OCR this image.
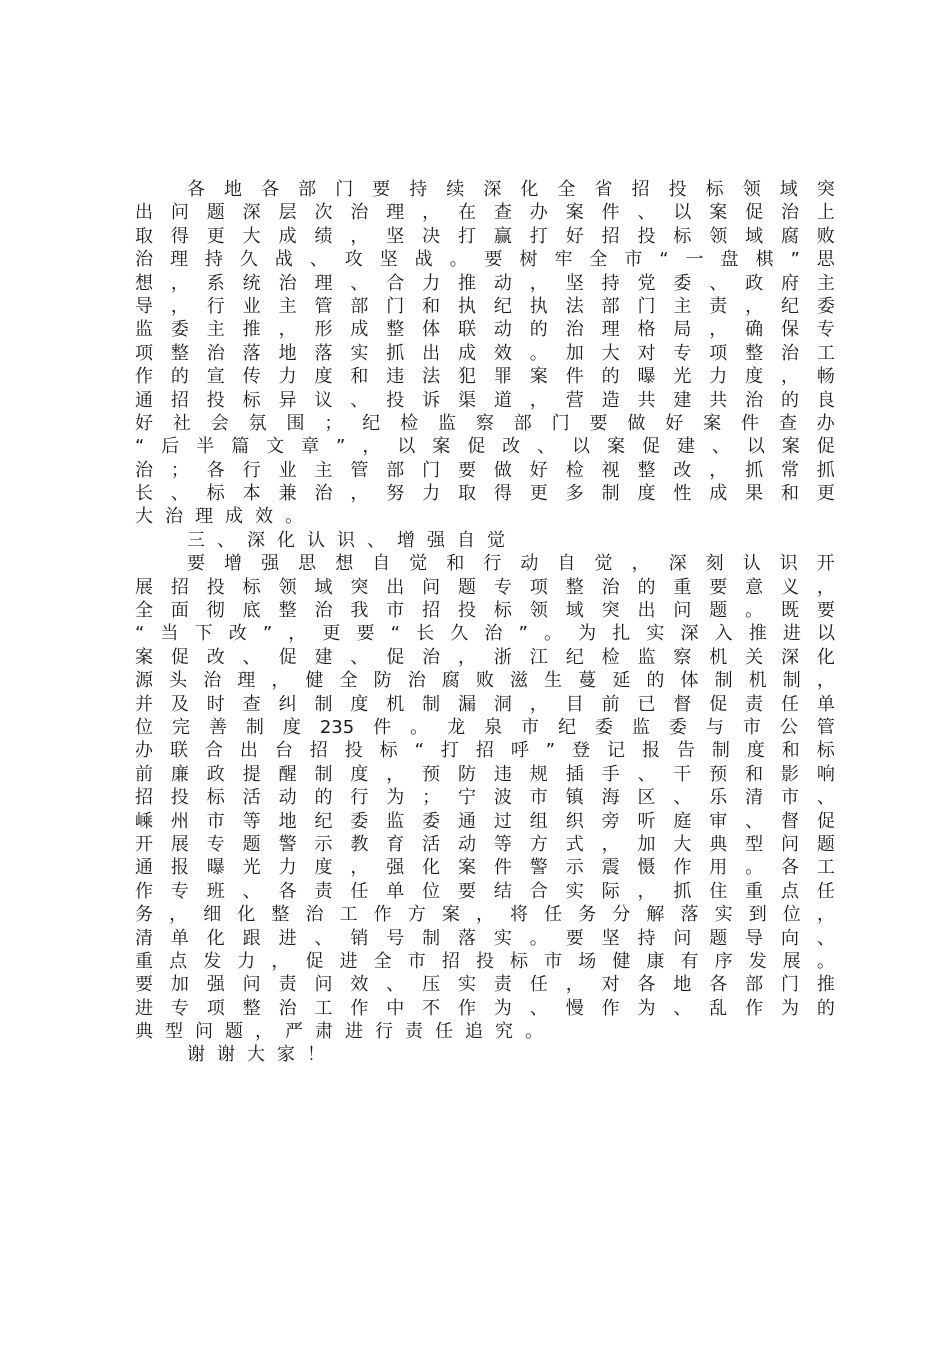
各 地 各 部 门 要 持 续 深 化 全 省 招 投 标 领 域 突
出 问 题 深 层 次 治 理 ， 在 查 办 案 件 、 以 案 促 治 上
取 得 更 大 成 绩 ， 坚 决 打 赢 打 好 招 投 标 领 域 腐 败
治 理 持 久 战 、 攻 坚 战 。 要 树 牢 全 市 “ 一 盘 棋 ” 思
想 ， 系 统 治 理 、 合 力 推 动 ， 坚 持 党 委 、 政 府 主
导 ， 行 业 主 管 部 门 和 执 纪 执 法 部 门 主 责 ， 纪 委
监 委 主 推 ， 形 成 整 体 联 动 的 治 理 格 局 ， 确 保 专
项 整 治 落 地 落 实 抓 出 成 效 。 加 大 对 专 项 整 治 工
作 的 宣 传 力 度 和 违 法 犯 罪 案 件 的 曝 光 力 度 ， 畅
通 招 投 标 异 议 、 投 诉 渠 道 ， 营 造 共 建 共 治 的 良
好 社 会 氛 围 ； 纪 检 监 察 部 门 要 做 好 案 件 查 办
“ 后 半 篇 文 章 ” ， 以 案 促 改 、 以 案 促 建 、 以 案 促
治 ； 各 行 业 主 管 部 门 要 做 好 检 视 整 改 ， 抓 常 抓
长 、 标 本 兼 治 ， 努 力 取 得 更 多 制 度 性 成 果 和 更
大 治 理 成 效 。
三 、 深 化 认 识 、 增 强 自 觉
要 增 强 思 想 自 觉 和 行 动 自 觉 ， 深 刻 认 识 开
展 招 投 标 领 域 突 出 问 题 专 项 整 治 的 重 要 意 义 ，
全 面 彻 底 整 治 我 市 招 投 标 领 域 突 出 问 题 。 既 要
“ 当 下 改 ” ， 更 要 “ 长 久 治 ” 。 为 扎 实 深 入 推 进 以
案 促 改 、 促 建 、 促 治 ， 浙 江 纪 检 监 察 机 关 深 化
源 头 治 理 ， 健 全 防 治 腐 败 滋 生 蔓 延 的 体 制 机 制 ，
并 及 时 查 纠 制 度 机 制 漏 洞 ， 目 前 已 督 促 责 任 单
位 完 善 制 度 235 件 。 龙 泉 市 纪 委 监 委 与 市 公 管
办 联 合 出 台 招 投 标 “ 打 招 呼 ” 登 记 报 告 制 度 和 标
前 廉 政 提 醒 制 度 ， 预 防 违 规 插 手 、 干 预 和 影 响
招 投 标 活 动 的 行 为 ； 宁 波 市 镇 海 区 、 乐 清 市 、
嵊 州 市 等 地 纪 委 监 委 通 过 组 织 旁 听 庭 审 、 督 促
开 展 专 题 警 示 教 育 活 动 等 方 式 ， 加 大 典 型 问 题
通 报 曝 光 力 度 ， 强 化 案 件 警 示 震 慑 作 用 。 各 工
作 专 班 、 各 责 任 单 位 要 结 合 实 际 ， 抓 住 重 点 任
务 ， 细 化 整 治 工 作 方 案 ， 将 任 务 分 解 落 实 到 位 ，
清 单 化 跟 进 、 销 号 制 落 实 。 要 坚 持 问 题 导 向 、
重 点 发 力 ， 促 进 全 市 招 投 标 市 场 健 康 有 序 发 展 。
要 加 强 问 责 问 效 、 压 实 责 任 ， 对 各 地 各 部 门 推
进 专 项 整 治 工 作 中 不 作 为 、 慢 作 为 、 乱 作 为 的
典 型 问 题 ， 严 肃 进 行 责 任 追 究 。
谢 谢 大 家 ！
